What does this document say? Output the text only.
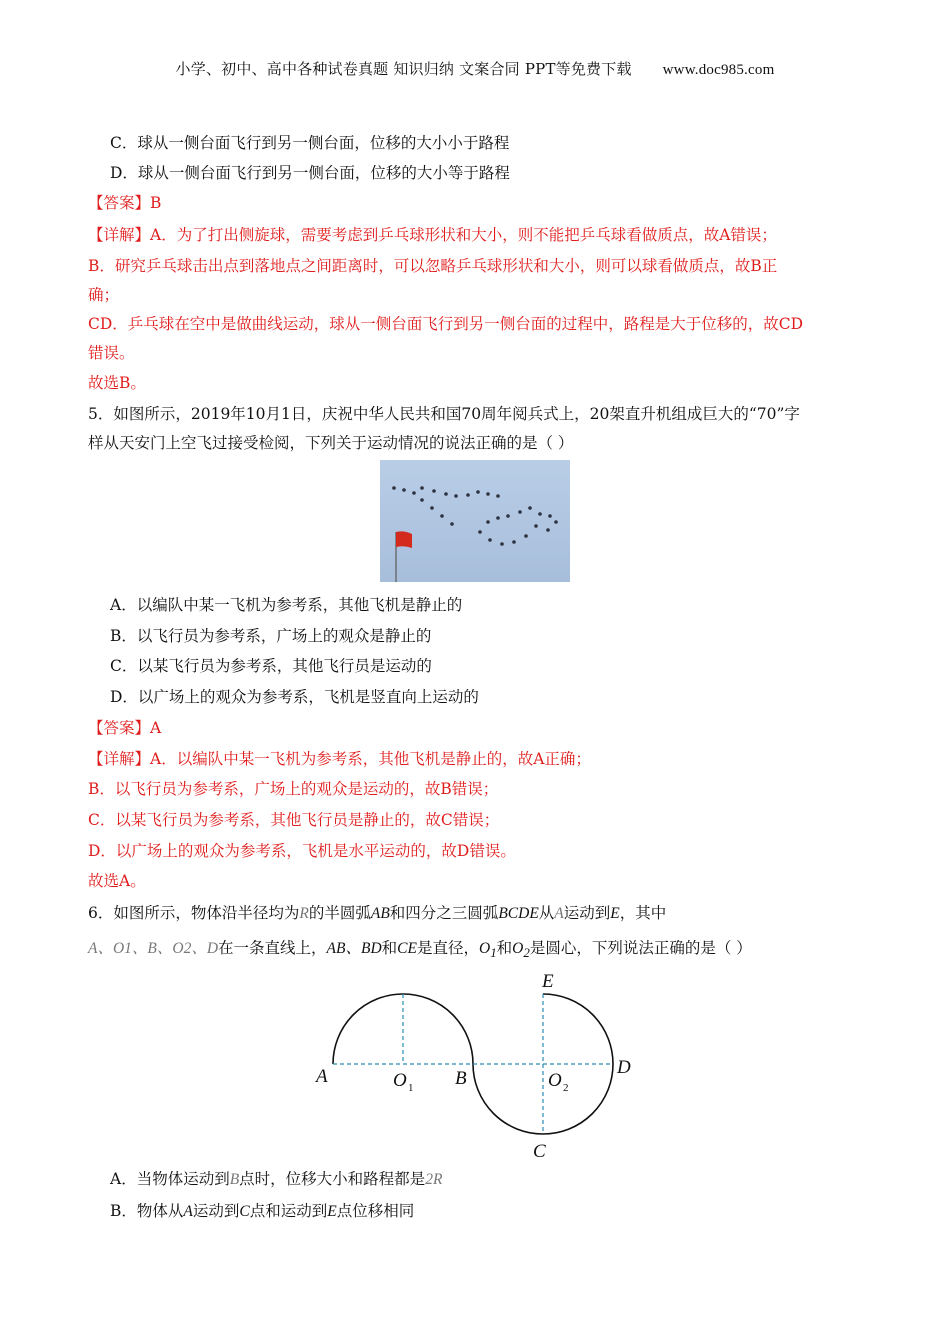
小学、初中、高中各种试卷真题 知识归纳 文案合同 PPT等免费下载 www.doc985.com
C．球从一侧台面飞行到另一侧台面，位移的大小小于路程
D．球从一侧台面飞行到另一侧台面，位移的大小等于路程
【答案】B
【详解】A．为了打出侧旋球，需要考虑到乒乓球形状和大小，则不能把乒乓球看做质点，故A错误；
B．研究乒乓球击出点到落地点之间距离时，可以忽略乒乓球形状和大小，则可以球看做质点，故B正
确；
CD．乒乓球在空中是做曲线运动，球从一侧台面飞行到另一侧台面的过程中，路程是大于位移的，故CD
错误。
故选B。
5．如图所示，2019年10月1日，庆祝中华人民共和国70周年阅兵式上，20架直升机组成巨大的“70”字
样从天安门上空飞过接受检阅，下列关于运动情况的说法正确的是（ ）
A．以编队中某一飞机为参考系，其他飞机是静止的
B．以飞行员为参考系，广场上的观众是静止的
C．以某飞行员为参考系，其他飞行员是运动的
D．以广场上的观众为参考系，飞机是竖直向上运动的
【答案】A
【详解】A．以编队中某一飞机为参考系，其他飞机是静止的，故A正确；
B．以飞行员为参考系，广场上的观众是运动的，故B错误；
C．以某飞行员为参考系，其他飞行员是静止的，故C错误；
D．以广场上的观众为参考系，飞机是水平运动的，故D错误。
故选A。
6．如图所示，物体沿半径均为R的半圆弧AB和四分之三圆弧BCDE从A运动到E，其中
A、O1、B、O2、D在一条直线上，AB、BD和CE是直径，$O_1$和$O_2$是圆心，下列说法正确的是（ ）
A	B
C
D
E
O	O
1	2
A．当物体运动到B点时，位移大小和路程都是2R
B．物体从A运动到C点和运动到E点位移相同
